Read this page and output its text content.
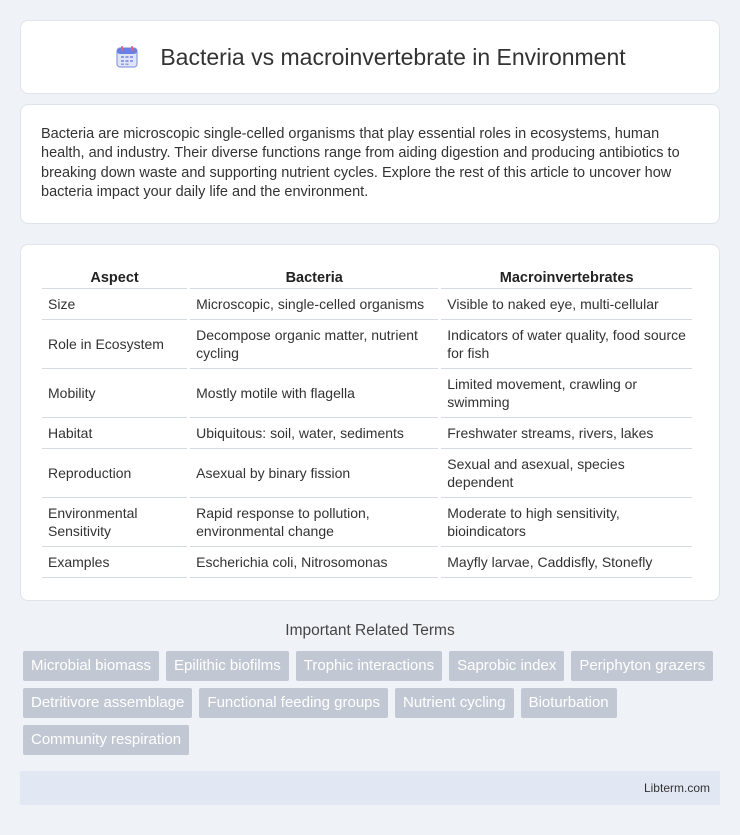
Bacteria vs macroinvertebrate in Environment

Bacteria are microscopic single-celled organisms that play essential roles in ecosystems, human health, and industry. Their diverse functions range from aiding digestion and producing antibiotics to breaking down waste and supporting nutrient cycles. Explore the rest of this article to uncover how bacteria impact your daily life and the environment.

Aspect	Bacteria	Macroinvertebrates
Size	Microscopic, single-celled organisms	Visible to naked eye, multi-cellular
Role in Ecosystem	Decompose organic matter, nutrient cycling	Indicators of water quality, food source for fish
Mobility	Mostly motile with flagella	Limited movement, crawling or swimming
Habitat	Ubiquitous: soil, water, sediments	Freshwater streams, rivers, lakes
Reproduction	Asexual by binary fission	Sexual and asexual, species dependent
Environmental Sensitivity	Rapid response to pollution, environmental change	Moderate to high sensitivity, bioindicators
Examples	Escherichia coli, Nitrosomonas	Mayfly larvae, Caddisfly, Stonefly
Important Related Terms
Microbial biomass	Epilithic biofilms	Trophic interactions	Saprobic index	Periphyton grazers
Detritivore assemblage	Functional feeding groups	Nutrient cycling	Bioturbation
Community respiration
Libterm.com
